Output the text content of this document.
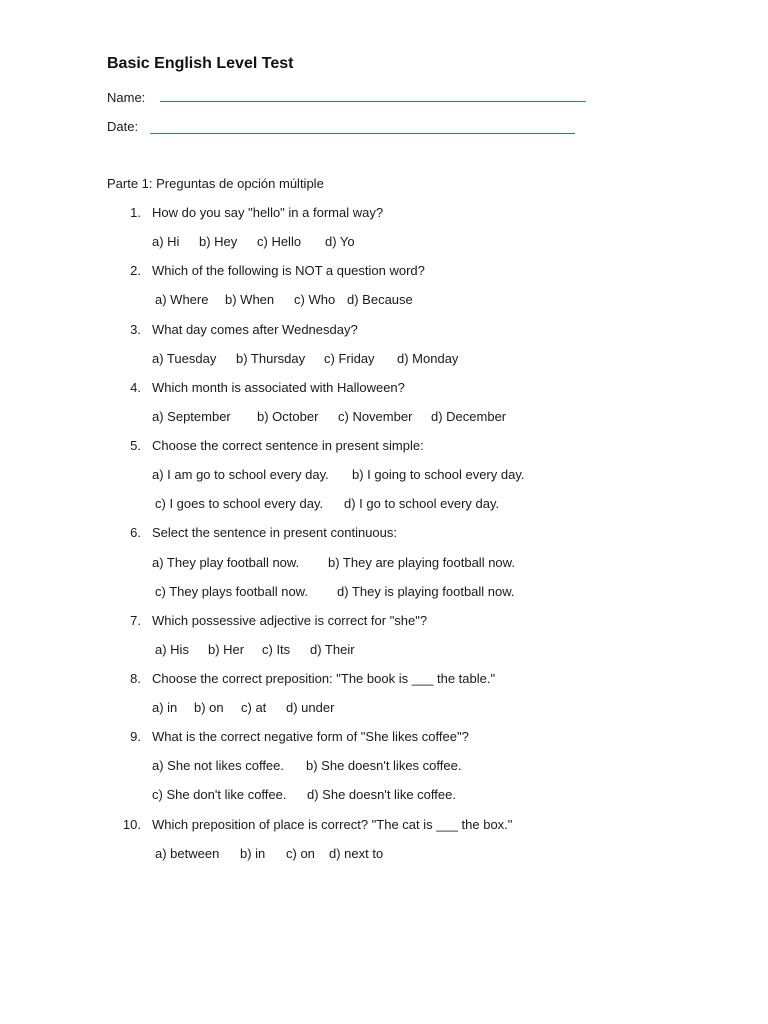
Basic English Level Test
Name:
Date:
Parte 1: Preguntas de opción múltiple
1. How do you say "hello" in a formal way?
a) Hi b) Hey c) Hello d) Yo
2. Which of the following is NOT a question word?
a) Where b) When c) Who d) Because
3. What day comes after Wednesday?
a) Tuesday b) Thursday c) Friday d) Monday
4. Which month is associated with Halloween?
a) September b) October c) November d) December
5. Choose the correct sentence in present simple:
a) I am go to school every day. b) I going to school every day.
c) I goes to school every day. d) I go to school every day.
6. Select the sentence in present continuous:
a) They play football now. b) They are playing football now.
c) They plays football now. d) They is playing football now.
7. Which possessive adjective is correct for "she"?
a) His b) Her c) Its d) Their
8. Choose the correct preposition: "The book is ___ the table."
a) in b) on c) at d) under
9. What is the correct negative form of "She likes coffee"?
a) She not likes coffee. b) She doesn't likes coffee.
c) She don't like coffee. d) She doesn't like coffee.
10. Which preposition of place is correct? "The cat is ___ the box."
a) between b) in c) on d) next to
